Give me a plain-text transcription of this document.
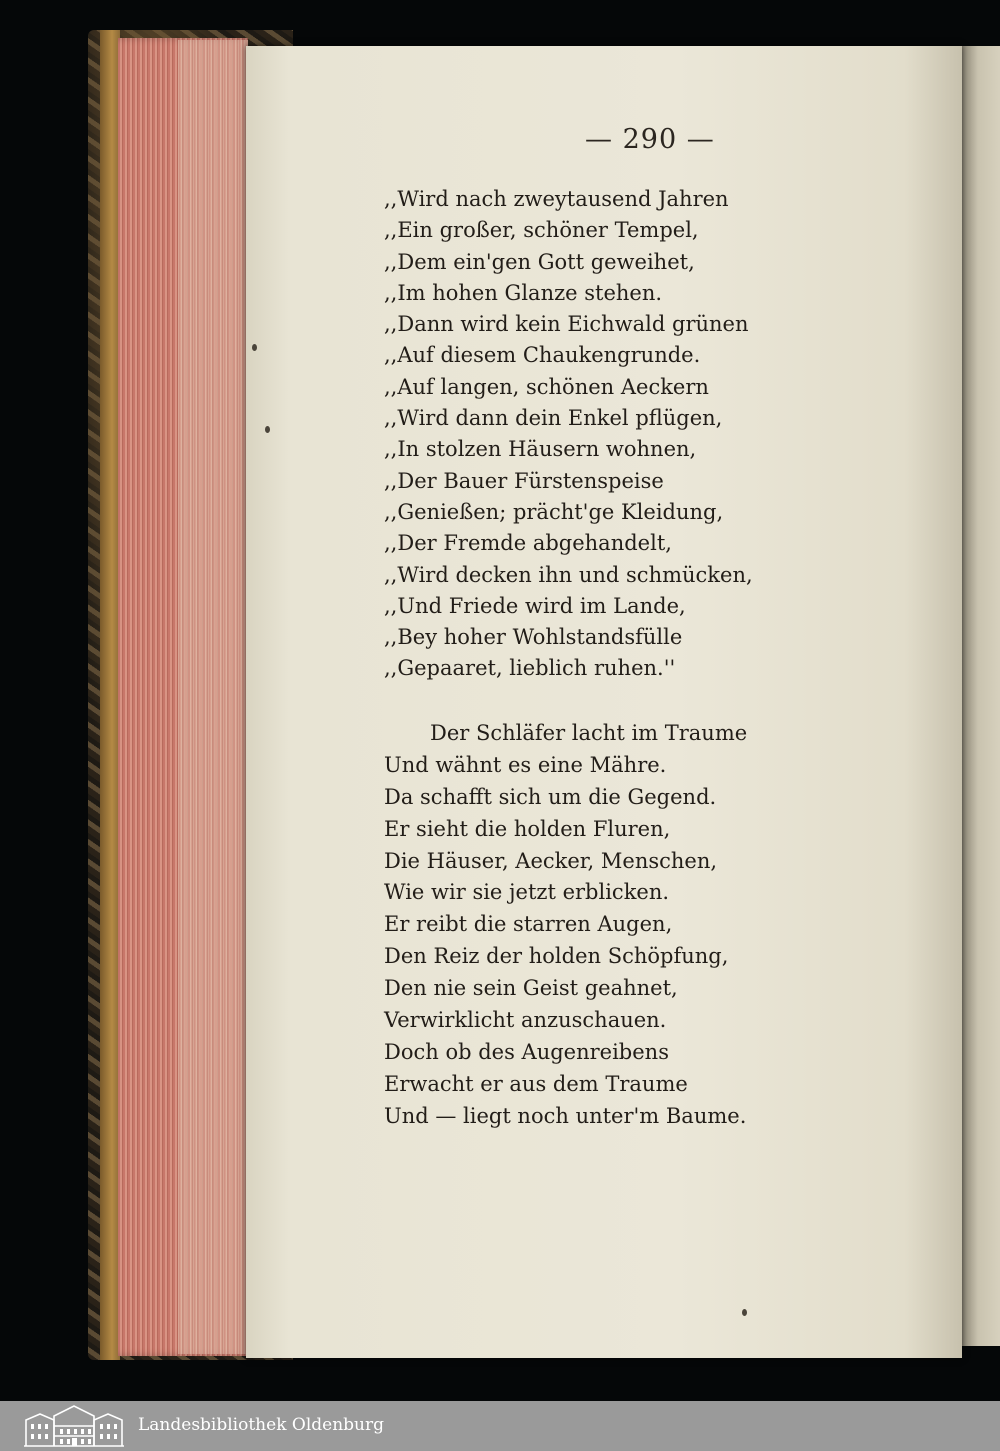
— 290 —
,,Wird nach zweytausend Jahren
,,Ein großer, schöner Tempel,
,,Dem ein'gen Gott geweihet,
,,Im hohen Glanze stehen.
,,Dann wird kein Eichwald grünen
,,Auf diesem Chaukengrunde.
,,Auf langen, schönen Aeckern
,,Wird dann dein Enkel pflügen,
,,In stolzen Häusern wohnen,
,,Der Bauer Fürstenspeise
,,Genießen; prächt'ge Kleidung,
,,Der Fremde abgehandelt,
,,Wird decken ihn und schmücken,
,,Und Friede wird im Lande,
,,Bey hoher Wohlstandsfülle
,,Gepaaret, lieblich ruhen.''
Der Schläfer lacht im Traume
Und wähnt es eine Mähre.
Da schafft sich um die Gegend.
Er sieht die holden Fluren,
Die Häuser, Aecker, Menschen,
Wie wir sie jetzt erblicken.
Er reibt die starren Augen,
Den Reiz der holden Schöpfung,
Den nie sein Geist geahnet,
Verwirklicht anzuschauen.
Doch ob des Augenreibens
Erwacht er aus dem Traume
Und — liegt noch unter'm Baume.
Landesbibliothek Oldenburg
